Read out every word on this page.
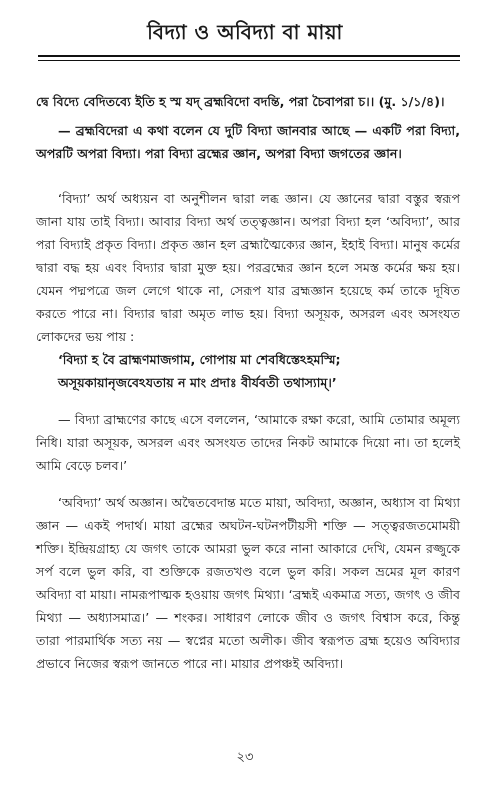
বিদ্যা ও অবিদ্যা বা মায়া

দ্বে বিদ্যে বেদিতব্যে ইতি হ স্ম যদ্ ব্রহ্মবিদো বদন্তি, পরা চৈবাপরা চ।। (মু. ১/১/৪)।

— ব্রহ্মবিদেরা এ কথা বলেন যে দুটি বিদ্যা জানবার আছে — একটি পরা বিদ্যা, অপরটি অপরা বিদ্যা। পরা বিদ্যা ব্রহ্মের জ্ঞান, অপরা বিদ্যা জগতের জ্ঞান।

‘বিদ্যা’ অর্থ অধ্যয়ন বা অনুশীলন দ্বারা লব্ধ জ্ঞান। যে জ্ঞানের দ্বারা বস্তুর স্বরূপ জানা যায় তাই বিদ্যা। আবার বিদ্যা অর্থ তত্ত্বজ্ঞান। অপরা বিদ্যা হল ‘অবিদ্যা’, আর পরা বিদ্যাই প্রকৃত বিদ্যা। প্রকৃত জ্ঞান হল ব্রহ্মাত্মৈক্যের জ্ঞান, ইহাই বিদ্যা। মানুষ কর্মের দ্বারা বদ্ধ হয় এবং বিদ্যার দ্বারা মুক্ত হয়। পরব্রহ্মের জ্ঞান হলে সমস্ত কর্মের ক্ষয় হয়। যেমন পদ্মপত্রে জল লেগে থাকে না, সেরূপ যার ব্রহ্মজ্ঞান হয়েছে কর্ম তাকে দূষিত করতে পারে না। বিদ্যার দ্বারা অমৃত লাভ হয়। বিদ্যা অসূয়ক, অসরল এবং অসংযত লোকদের ভয় পায় :

‘বিদ্যা হ বৈ ব্রাহ্মণমাজগাম, গোপায় মা শেবধিস্তেঽহমস্মি;

অসূয়কায়ানৃজবেঽযতায় ন মাং প্রদাঃ বীর্যবতী তথাস্যাম্।’

— বিদ্যা ব্রাহ্মণের কাছে এসে বললেন, ‘আমাকে রক্ষা করো, আমি তোমার অমূল্য নিধি। যারা অসূয়ক, অসরল এবং অসংযত তাদের নিকট আমাকে দিয়ো না। তা হলেই আমি বেড়ে চলব।’

‘অবিদ্যা’ অর্থ অজ্ঞান। অদ্বৈতবেদান্ত মতে মায়া, অবিদ্যা, অজ্ঞান, অধ্যাস বা মিথ্যা জ্ঞান — একই পদার্থ। মায়া ব্রহ্মের অঘটন-ঘটনপটীয়সী শক্তি — সত্ত্বরজতমোময়ী শক্তি। ইন্দ্রিয়গ্রাহ্য যে জগৎ তাকে আমরা ভুল করে নানা আকারে দেখি, যেমন রজ্জুকে সর্প বলে ভুল করি, বা শুক্তিকে রজতখণ্ড বলে ভুল করি। সকল ভ্রমের মূল কারণ অবিদ্যা বা মায়া। নামরূপাত্মক হওয়ায় জগৎ মিথ্যা। ‘ব্রহ্মই একমাত্র সত্য, জগৎ ও জীব মিথ্যা — অধ্যাসমাত্র।’ — শংকর। সাধারণ লোকে জীব ও জগৎ বিশ্বাস করে, কিন্তু তারা পারমার্থিক সত্য নয় — স্বপ্নের মতো অলীক। জীব স্বরূপত ব্রহ্ম হয়েও অবিদ্যার প্রভাবে নিজের স্বরূপ জানতে পারে না। মায়ার প্রপঞ্চই অবিদ্যা।

২৩
